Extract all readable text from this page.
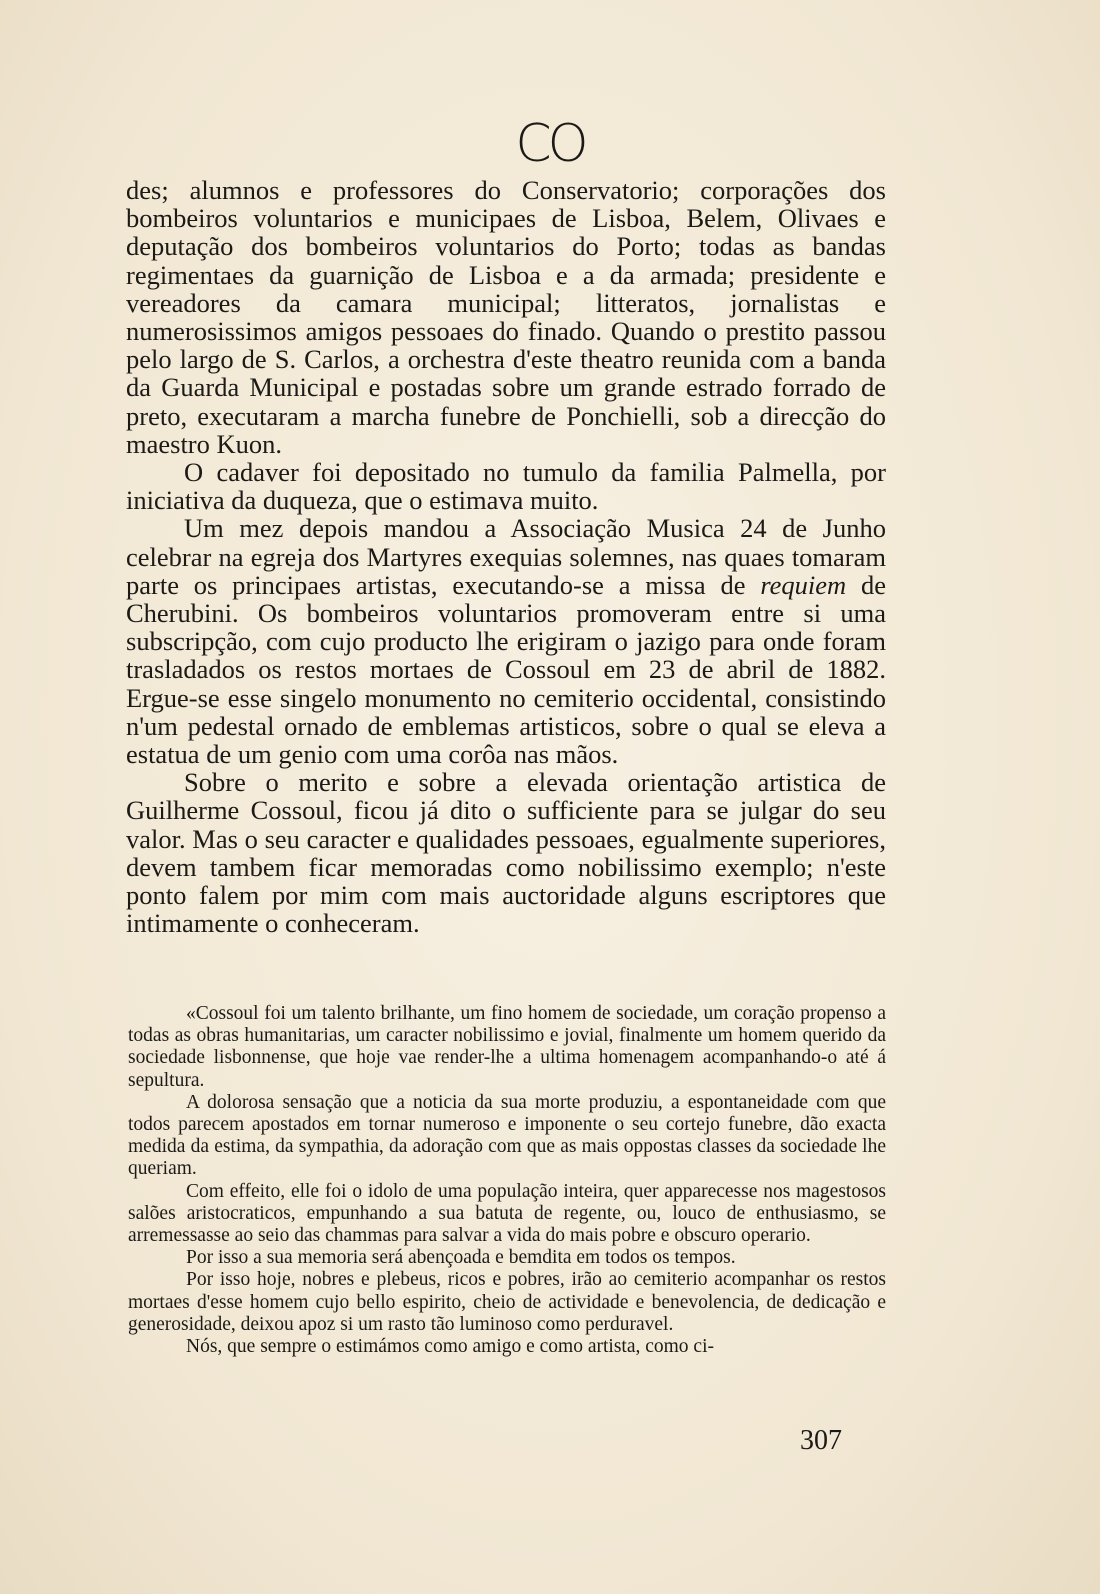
CO

des; alumnos e professores do Conservatorio; corporações dos bombeiros voluntarios e municipaes de Lisboa, Belem, Olivaes e deputação dos bombeiros voluntarios do Porto; todas as bandas regimentaes da guarnição de Lisboa e a da armada; presidente e vereadores da camara municipal; litteratos, jornalistas e numerosissimos amigos pessoaes do finado. Quando o prestito passou pelo largo de S. Carlos, a orchestra d'este theatro reunida com a banda da Guarda Municipal e postadas sobre um grande estrado forrado de preto, executaram a marcha funebre de Ponchielli, sob a direcção do maestro Kuon.

O cadaver foi depositado no tumulo da familia Palmella, por iniciativa da duqueza, que o estimava muito.

Um mez depois mandou a Associação Musica 24 de Junho celebrar na egreja dos Martyres exequias solemnes, nas quaes tomaram parte os principaes artistas, executando-se a missa de requiem de Cherubini. Os bombeiros voluntarios promoveram entre si uma subscripção, com cujo producto lhe erigiram o jazigo para onde foram trasladados os restos mortaes de Cossoul em 23 de abril de 1882. Ergue-se esse singelo monumento no cemiterio occidental, consistindo n'um pedestal ornado de emblemas artisticos, sobre o qual se eleva a estatua de um genio com uma corôa nas mãos.

Sobre o merito e sobre a elevada orientação artistica de Guilherme Cossoul, ficou já dito o sufficiente para se julgar do seu valor. Mas o seu caracter e qualidades pessoaes, egualmente superiores, devem tambem ficar memoradas como nobilissimo exemplo; n'este ponto falem por mim com mais auctoridade alguns escriptores que intimamente o conheceram.

«Cossoul foi um talento brilhante, um fino homem de sociedade, um coração propenso a todas as obras humanitarias, um caracter nobilissimo e jovial, finalmente um homem querido da sociedade lisbonnense, que hoje vae render-lhe a ultima homenagem acompanhando-o até á sepultura.

A dolorosa sensação que a noticia da sua morte produziu, a espontaneidade com que todos parecem apostados em tornar numeroso e imponente o seu cortejo funebre, dão exacta medida da estima, da sympathia, da adoração com que as mais oppostas classes da sociedade lhe queriam.

Com effeito, elle foi o idolo de uma população inteira, quer apparecesse nos magestosos salões aristocraticos, empunhando a sua batuta de regente, ou, louco de enthusiasmo, se arremessasse ao seio das chammas para salvar a vida do mais pobre e obscuro operario.

Por isso a sua memoria será abençoada e bemdita em todos os tempos.

Por isso hoje, nobres e plebeus, ricos e pobres, irão ao cemiterio acompanhar os restos mortaes d'esse homem cujo bello espirito, cheio de actividade e benevolencia, de dedicação e generosidade, deixou apoz si um rasto tão luminoso como perduravel.

Nós, que sempre o estimámos como amigo e como artista, como ci-

307
